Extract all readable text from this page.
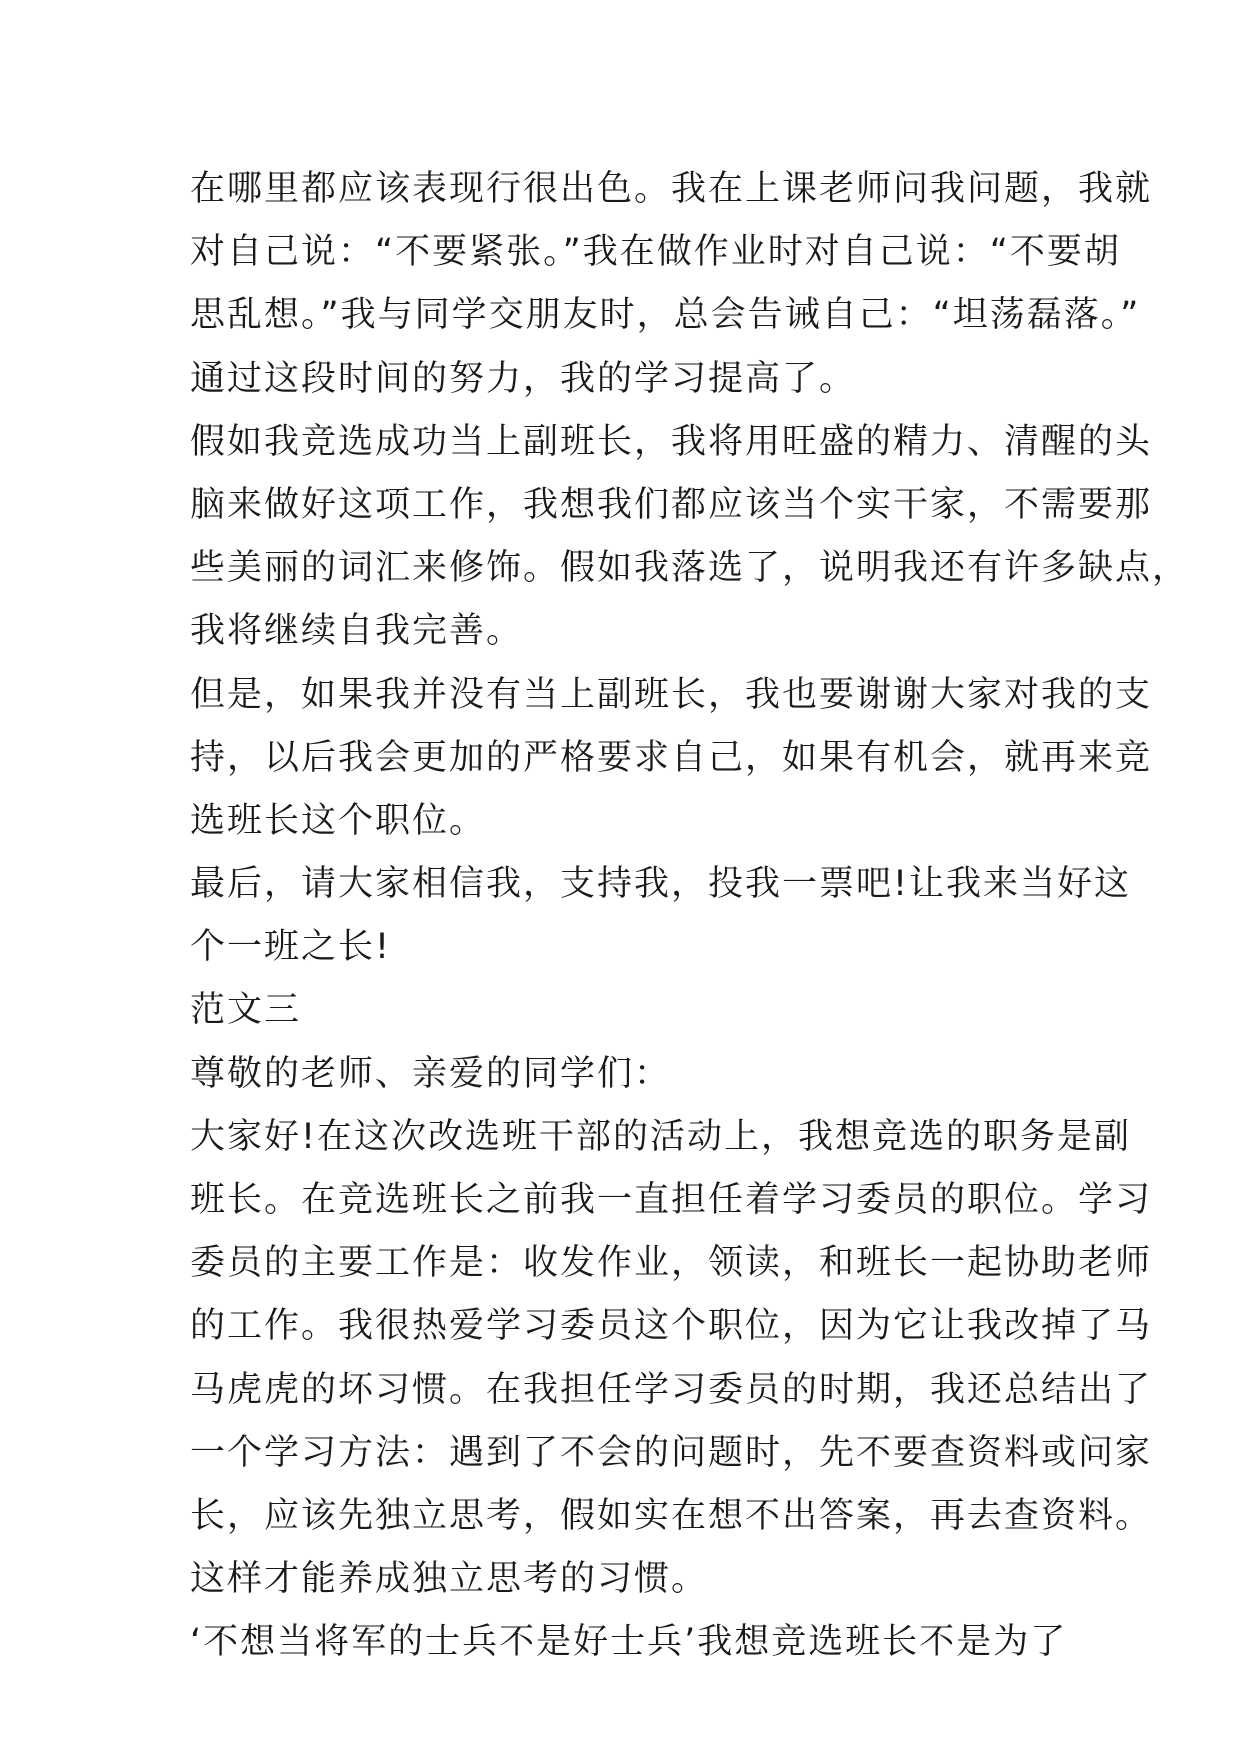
在哪里都应该表现行很出色。我在上课老师问我问题，我就
对自己说：“不要紧张。”我在做作业时对自己说：“不要胡
思乱想。”我与同学交朋友时，总会告诫自己：“坦荡磊落。”
通过这段时间的努力，我的学习提高了。
假如我竞选成功当上副班长，我将用旺盛的精力、清醒的头
脑来做好这项工作，我想我们都应该当个实干家，不需要那
些美丽的词汇来修饰。假如我落选了，说明我还有许多缺点，
我将继续自我完善。
但是，如果我并没有当上副班长，我也要谢谢大家对我的支
持，以后我会更加的严格要求自己，如果有机会，就再来竞
选班长这个职位。
最后，请大家相信我，支持我，投我一票吧!让我来当好这
个一班之长!
范文三
尊敬的老师、亲爱的同学们：
大家好!在这次改选班干部的活动上，我想竞选的职务是副
班长。在竞选班长之前我一直担任着学习委员的职位。学习
委员的主要工作是：收发作业，领读，和班长一起协助老师
的工作。我很热爱学习委员这个职位，因为它让我改掉了马
马虎虎的坏习惯。在我担任学习委员的时期，我还总结出了
一个学习方法：遇到了不会的问题时，先不要查资料或问家
长，应该先独立思考，假如实在想不出答案，再去查资料。
这样才能养成独立思考的习惯。
‘不想当将军的士兵不是好士兵’我想竞选班长不是为了
